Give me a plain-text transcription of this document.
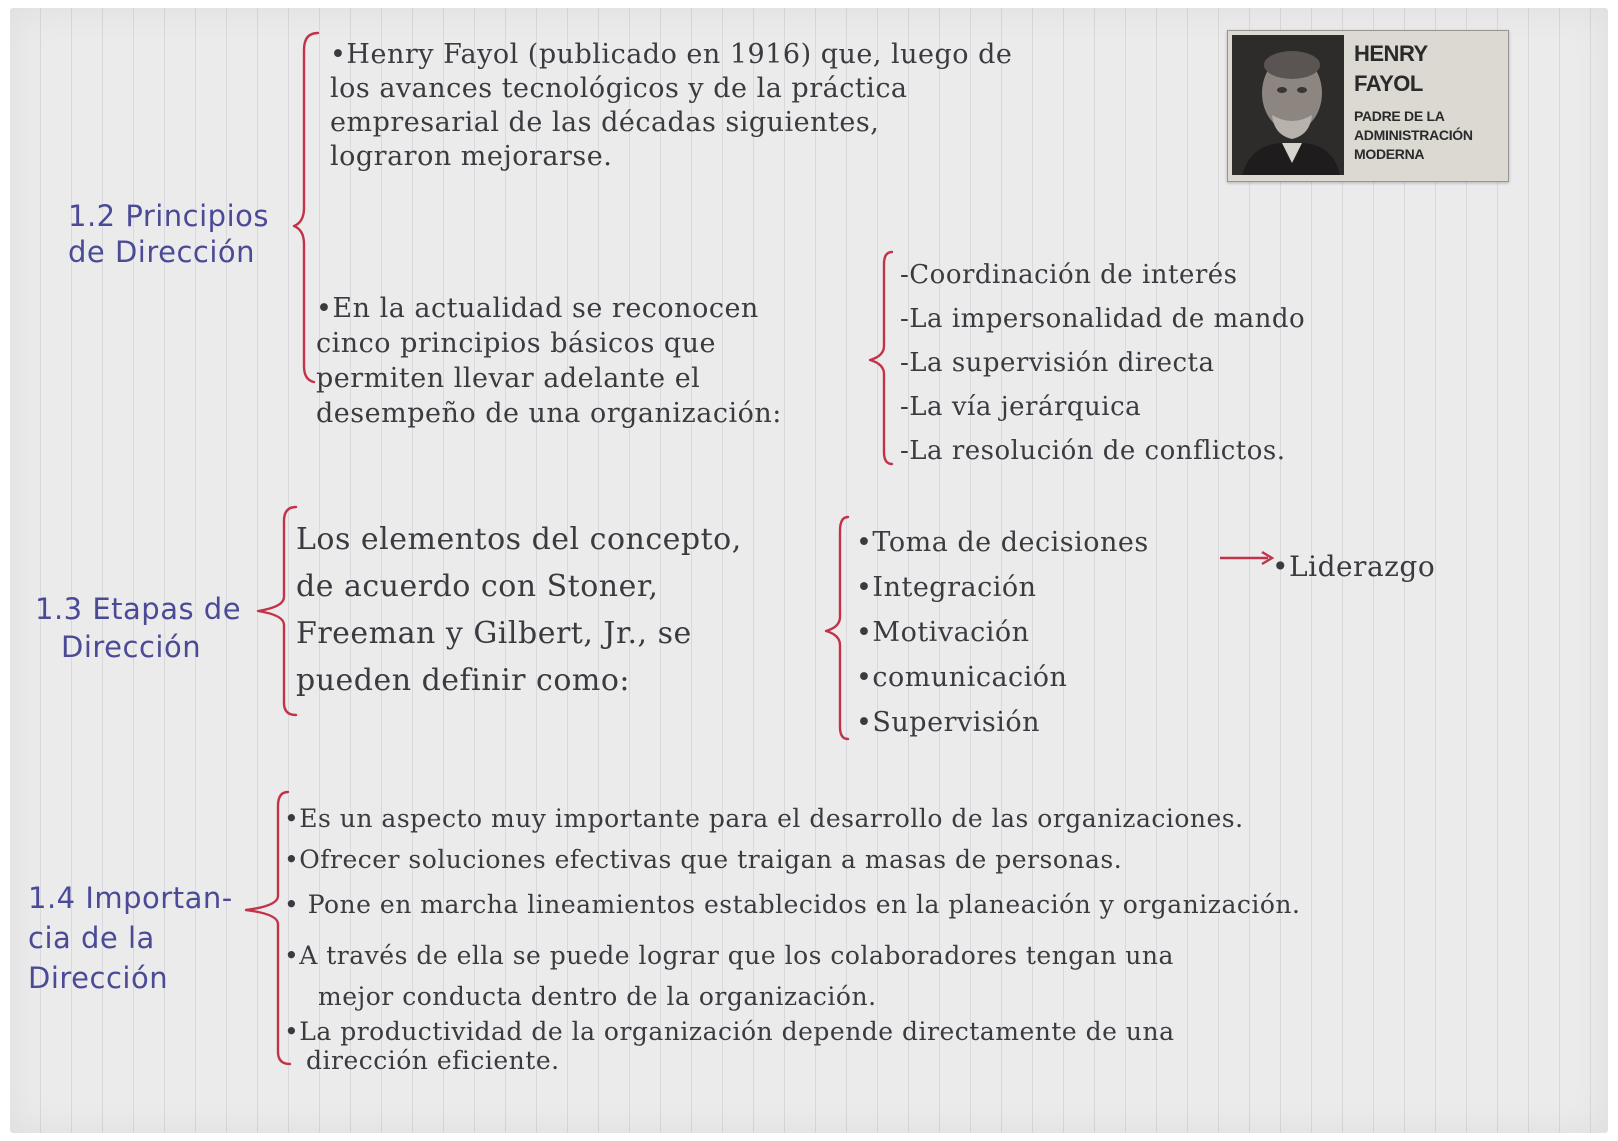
HENRY
FAYOL
PADRE DE LA
ADMINISTRACIÓN
MODERNA
1.2 Principios
de Dirección
•Henry Fayol (publicado en 1916) que, luego de
los avances tecnológicos y de la práctica
empresarial de las décadas siguientes,
lograron mejorarse.
•En la actualidad se reconocen
cinco principios básicos que
permiten llevar adelante el
desempeño de una organización:
-Coordinación de interés
-La impersonalidad de mando
-La supervisión directa
-La vía jerárquica
-La resolución de conflictos.
1.3 Etapas de
Dirección
Los elementos del concepto,
de acuerdo con Stoner,
Freeman y Gilbert, Jr., se
pueden definir como:
•Toma de decisiones
•Integración
•Motivación
•comunicación
•Supervisión
•Liderazgo
1.4 Importan-
cia de la
Dirección
•Es un aspecto muy importante para el desarrollo de las organizaciones.
•Ofrecer soluciones efectivas que traigan a masas de personas.
• Pone en marcha lineamientos establecidos en la planeación y organización.
•A través de ella se puede lograr que los colaboradores tengan una
mejor conducta dentro de la organización.
•La productividad de la organización depende directamente de una
dirección eficiente.
